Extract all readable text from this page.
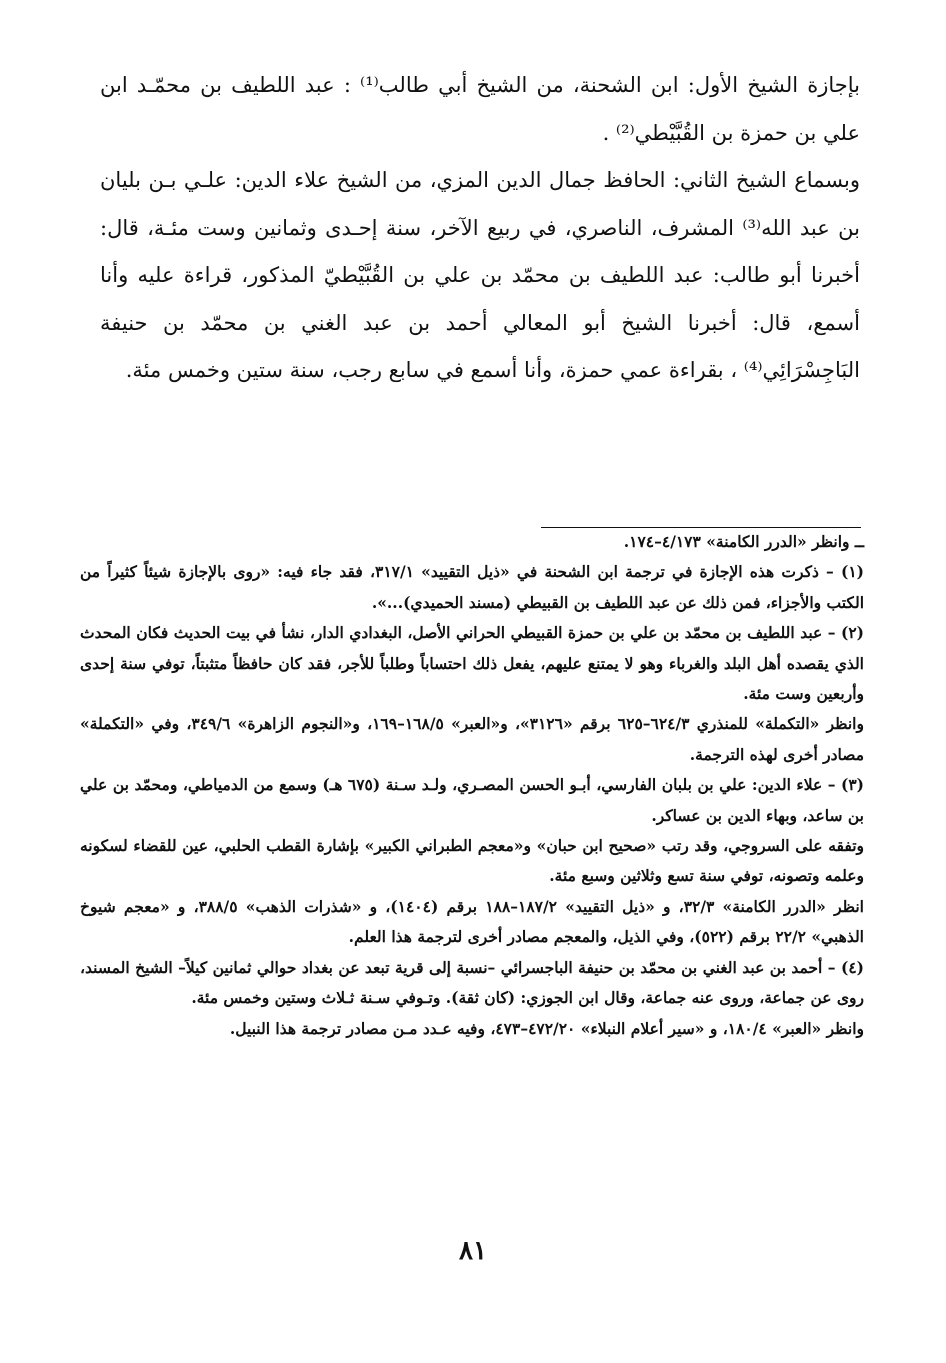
بإجازة الشيخ الأول: ابن الشحنة، من الشيخ أبي طالب⁽¹⁾ : عبد اللطيف بن محمّـد ابن علي بن حمزة بن القُبَّيْطي⁽²⁾ .

وبسماع الشيخ الثاني: الحافظ جمال الدين المزي، من الشيخ علاء الدين: علـي بـن بليان بن عبد الله⁽³⁾ المشرف، الناصري، في ربيع الآخر، سنة إحـدى وثمانين وست مئـة، قال: أخبرنا أبو طالب: عبد اللطيف بن محمّد بن علي بن القُبَّيْطيّ المذكور، قراءة عليه وأنا أسمع، قال: أخبرنا الشيخ أبو المعالي أحمد بن عبد الغني بن محمّد بن حنيفة البَاجِسْرَائِي⁽⁴⁾ ، بقراءة عمي حمزة، وأنا أسمع في سابع رجب، سنة ستين وخمس مئة.

ــ وانظر «الدرر الكامنة» ٤/١٧٣–١٧٤.

(١) – ذكرت هذه الإجازة في ترجمة ابن الشحنة في «ذيل التقييد» ٣١٧/١، فقد جاء فيه: «روى بالإجازة شيئاً كثيراً من الكتب والأجزاء، فمن ذلك عن عبد اللطيف بن القبيطي (مسند الحميدي)...».

(٢) – عبد اللطيف بن محمّد بن علي بن حمزة القبيطي الحراني الأصل، البغدادي الدار، نشأ في بيت الحديث فكان المحدث الذي يقصده أهل البلد والغرباء وهو لا يمتنع عليهم، يفعل ذلك احتساباً وطلباً للأجر، فقد كان حافظاً متثبتاً، توفي سنة إحدى وأربعين وست مئة.

وانظر «التكملة» للمنذري ٦٢٤/٣–٦٢٥ برقم «٣١٢٦»، و«العبر» ١٦٨/٥–١٦٩، و«النجوم الزاهرة» ٣٤٩/٦، وفي «التكملة» مصادر أخرى لهذه الترجمة.

(٣) – علاء الدين: علي بن بلبان الفارسي، أبـو الحسن المصـري، ولـد سـنة (٦٧٥ هـ) وسمع من الدمياطي، ومحمّد بن علي بن ساعد، وبهاء الدين بن عساكر.

وتفقه على السروجي، وقد رتب «صحيح ابن حبان» و«معجم الطبراني الكبير» بإشارة القطب الحلبي، عين للقضاء لسكونه وعلمه وتصونه، توفي سنة تسع وثلاثين وسبع مئة.

انظر «الدرر الكامنة» ٣٢/٣، و «ذيل التقييد» ١٨٧/٢–١٨٨ برقم (١٤٠٤)، و «شذرات الذهب» ٣٨٨/٥، و «معجم شيوخ الذهبي» ٢٢/٢ برقم (٥٢٢)، وفي الذيل، والمعجم مصادر أخرى لترجمة هذا العلم.

(٤) – أحمد بن عبد الغني بن محمّد بن حنيفة الباجسرائي –نسبة إلى قرية تبعد عن بغداد حوالي ثمانين كيلاً– الشيخ المسند، روى عن جماعة، وروى عنه جماعة، وقال ابن الجوزي: (كان ثقة). وتـوفي سـنة ثـلاث وستين وخمس مئة.

وانظر «العبر» ١٨٠/٤، و «سير أعلام النبلاء» ٤٧٢/٢٠–٤٧٣، وفيه عـدد مـن مصادر ترجمة هذا النبيل.

٨١
